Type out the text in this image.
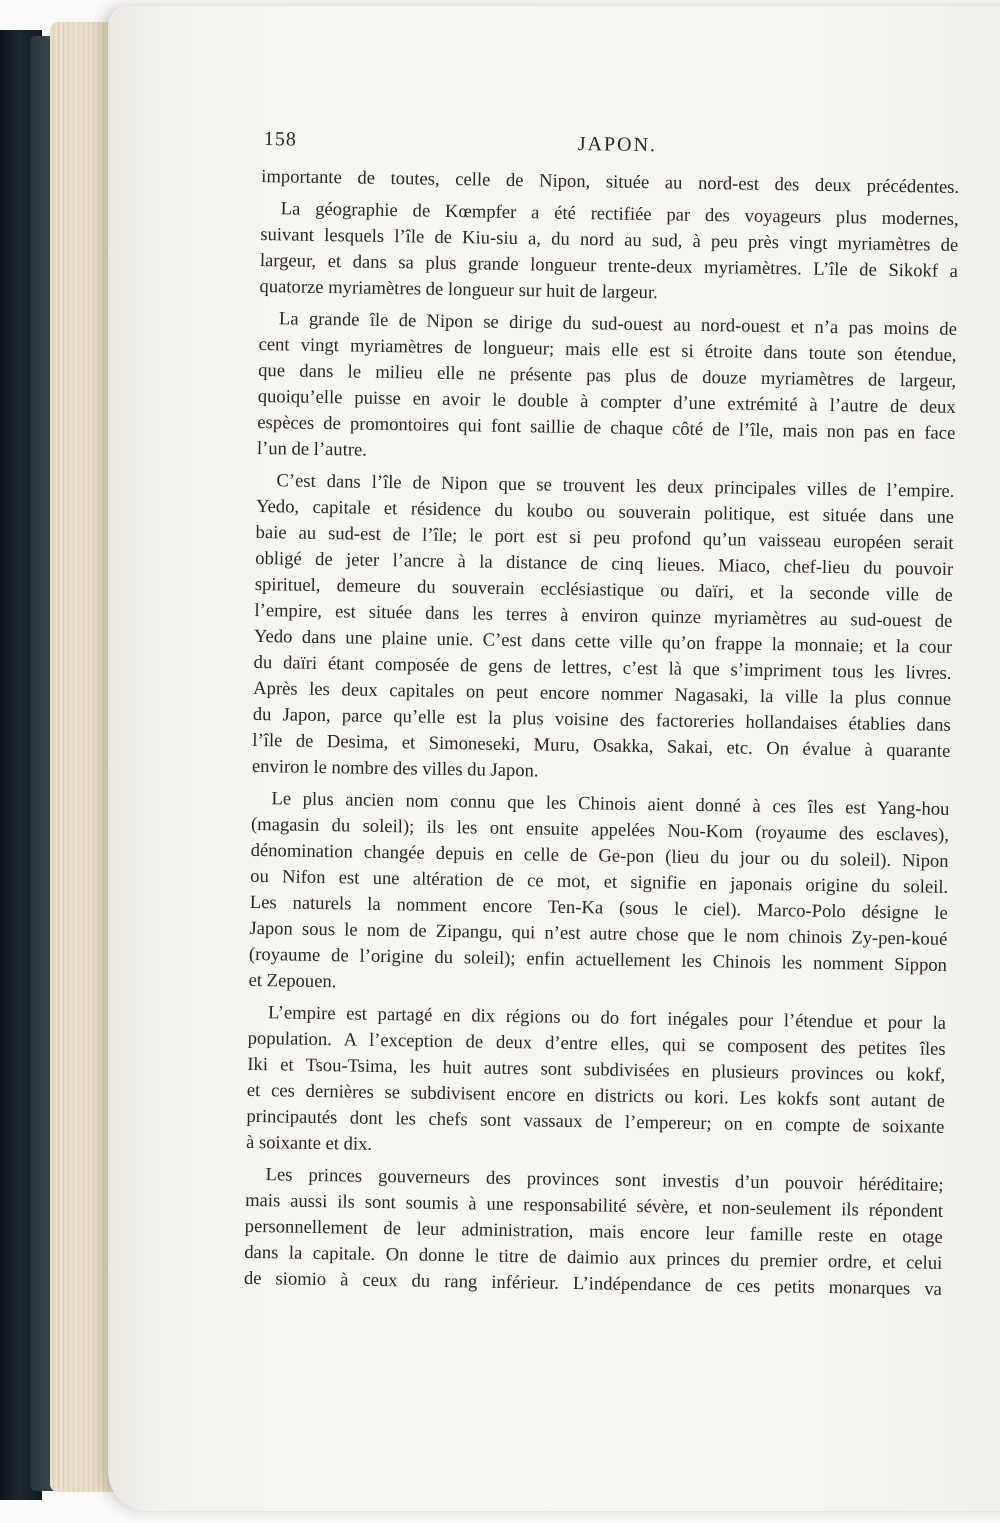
158	JAPON.
importante de toutes, celle de Nipon, située au nord-est des deux précédentes.
La géographie de Kœmpfer a été rectifiée par des voyageurs plus modernes,
suivant lesquels l’île de Kiu-siu a, du nord au sud, à peu près vingt myriamètres de
largeur, et dans sa plus grande longueur trente-deux myriamètres. L’île de Sikokf a
quatorze myriamètres de longueur sur huit de largeur.
La grande île de Nipon se dirige du sud-ouest au nord-ouest et n’a pas moins de
cent vingt myriamètres de longueur; mais elle est si étroite dans toute son étendue,
que dans le milieu elle ne présente pas plus de douze myriamètres de largeur,
quoiqu’elle puisse en avoir le double à compter d’une extrémité à l’autre de deux
espèces de promontoires qui font saillie de chaque côté de l’île, mais non pas en face
l’un de l’autre.
C’est dans l’île de Nipon que se trouvent les deux principales villes de l’empire.
Yedo, capitale et résidence du koubo ou souverain politique, est située dans une
baie au sud-est de l’île; le port est si peu profond qu’un vaisseau européen serait
obligé de jeter l’ancre à la distance de cinq lieues. Miaco, chef-lieu du pouvoir
spirituel, demeure du souverain ecclésiastique ou daïri, et la seconde ville de
l’empire, est située dans les terres à environ quinze myriamètres au sud-ouest de
Yedo dans une plaine unie. C’est dans cette ville qu’on frappe la monnaie; et la cour
du daïri étant composée de gens de lettres, c’est là que s’impriment tous les livres.
Après les deux capitales on peut encore nommer Nagasaki, la ville la plus connue
du Japon, parce qu’elle est la plus voisine des factoreries hollandaises établies dans
l’île de Desima, et Simoneseki, Muru, Osakka, Sakai, etc. On évalue à quarante
environ le nombre des villes du Japon.
Le plus ancien nom connu que les Chinois aient donné à ces îles est Yang-hou
(magasin du soleil); ils les ont ensuite appelées Nou-Kom (royaume des esclaves),
dénomination changée depuis en celle de Ge-pon (lieu du jour ou du soleil). Nipon
ou Nifon est une altération de ce mot, et signifie en japonais origine du soleil.
Les naturels la nomment encore Ten-Ka (sous le ciel). Marco-Polo désigne le
Japon sous le nom de Zipangu, qui n’est autre chose que le nom chinois Zy-pen-koué
(royaume de l’origine du soleil); enfin actuellement les Chinois les nomment Sippon
et Zepouen.
L’empire est partagé en dix régions ou do fort inégales pour l’étendue et pour la
population. A l’exception de deux d’entre elles, qui se composent des petites îles
Iki et Tsou-Tsima, les huit autres sont subdivisées en plusieurs provinces ou kokf,
et ces dernières se subdivisent encore en districts ou kori. Les kokfs sont autant de
principautés dont les chefs sont vassaux de l’empereur; on en compte de soixante
à soixante et dix.
Les princes gouverneurs des provinces sont investis d’un pouvoir héréditaire;
mais aussi ils sont soumis à une responsabilité sévère, et non-seulement ils répondent
personnellement de leur administration, mais encore leur famille reste en otage
dans la capitale. On donne le titre de daimio aux princes du premier ordre, et celui
de siomio à ceux du rang inférieur. L’indépendance de ces petits monarques va
